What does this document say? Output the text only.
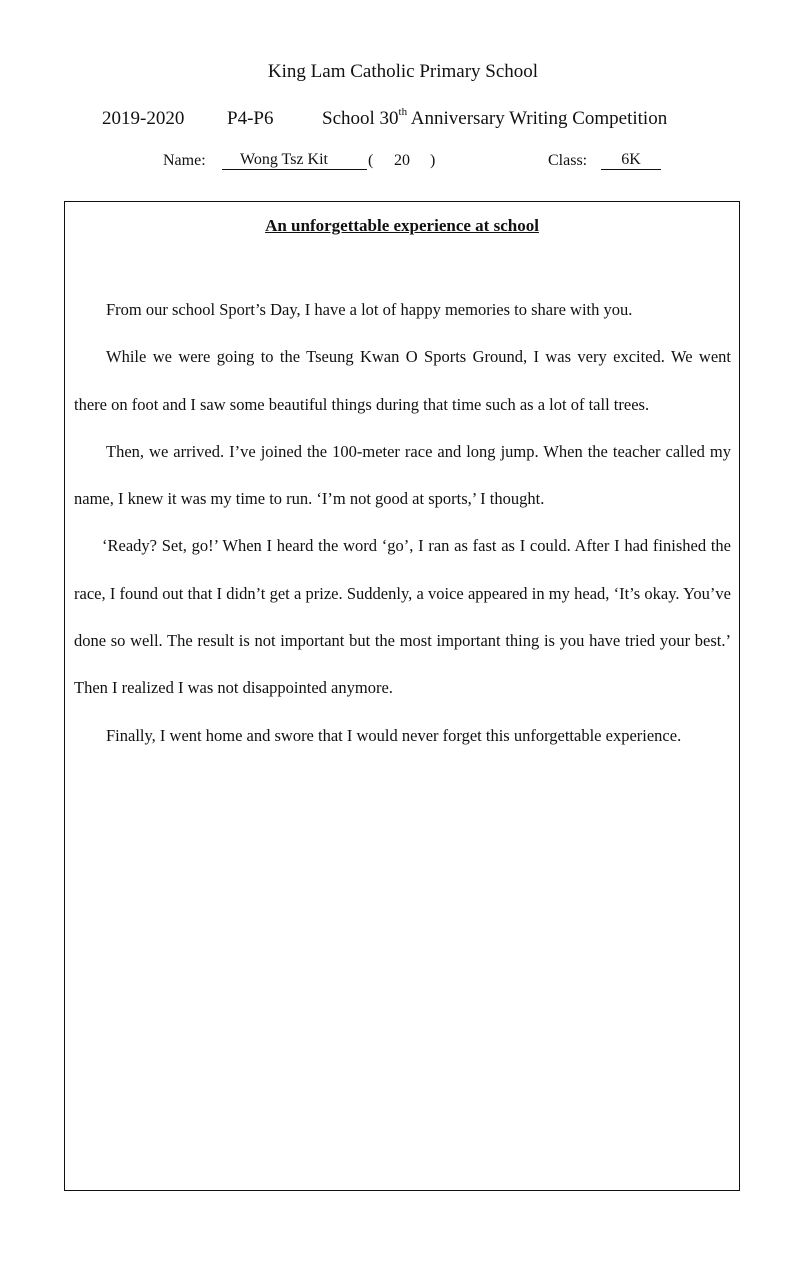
King Lam Catholic Primary School
2019-2020 P4-P6	School 30th Anniversary Writing Competition
Name:	Wong Tsz Kit	( 20 )	Class:	6K
An unforgettable experience at school

From our school Sport’s Day, I have a lot of happy memories to share with you.

While we were going to the Tseung Kwan O Sports Ground, I was very excited. We went there on foot and I saw some beautiful things during that time such as a lot of tall trees.

Then, we arrived. I’ve joined the 100-meter race and long jump. When the teacher called my name, I knew it was my time to run. ‘I’m not good at sports,’ I thought.

‘Ready? Set, go!’ When I heard the word ‘go’, I ran as fast as I could. After I had finished the race, I found out that I didn’t get a prize. Suddenly, a voice appeared in my head, ‘It’s okay. You’ve done so well. The result is not important but the most important thing is you have tried your best.’ Then I realized I was not disappointed anymore.

Finally, I went home and swore that I would never forget this unforgettable experience.
